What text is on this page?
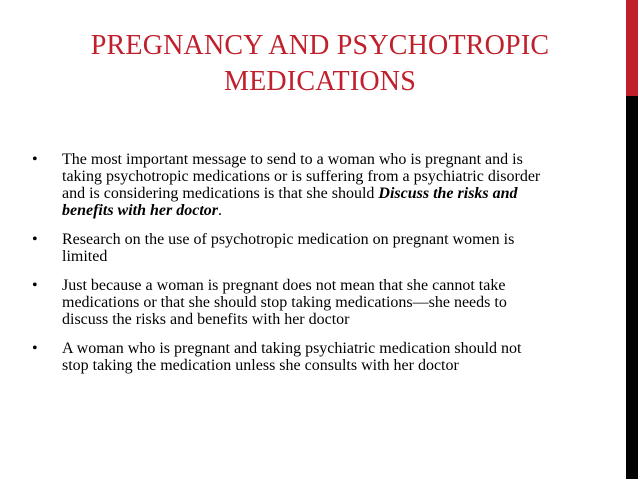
PREGNANCY AND PSYCHOTROPIC
MEDICATIONS
• The most important message to send to a woman who is pregnant and is taking psychotropic medications or is suffering from a psychiatric disorder and is considering medications is that she should Discuss the risks and benefits with her doctor.
• Research on the use of psychotropic medication on pregnant women is limited
• Just because a woman is pregnant does not mean that she cannot take medications or that she should stop taking medications—she needs to discuss the risks and benefits with her doctor
• A woman who is pregnant and taking psychiatric medication should not stop taking the medication unless she consults with her doctor
